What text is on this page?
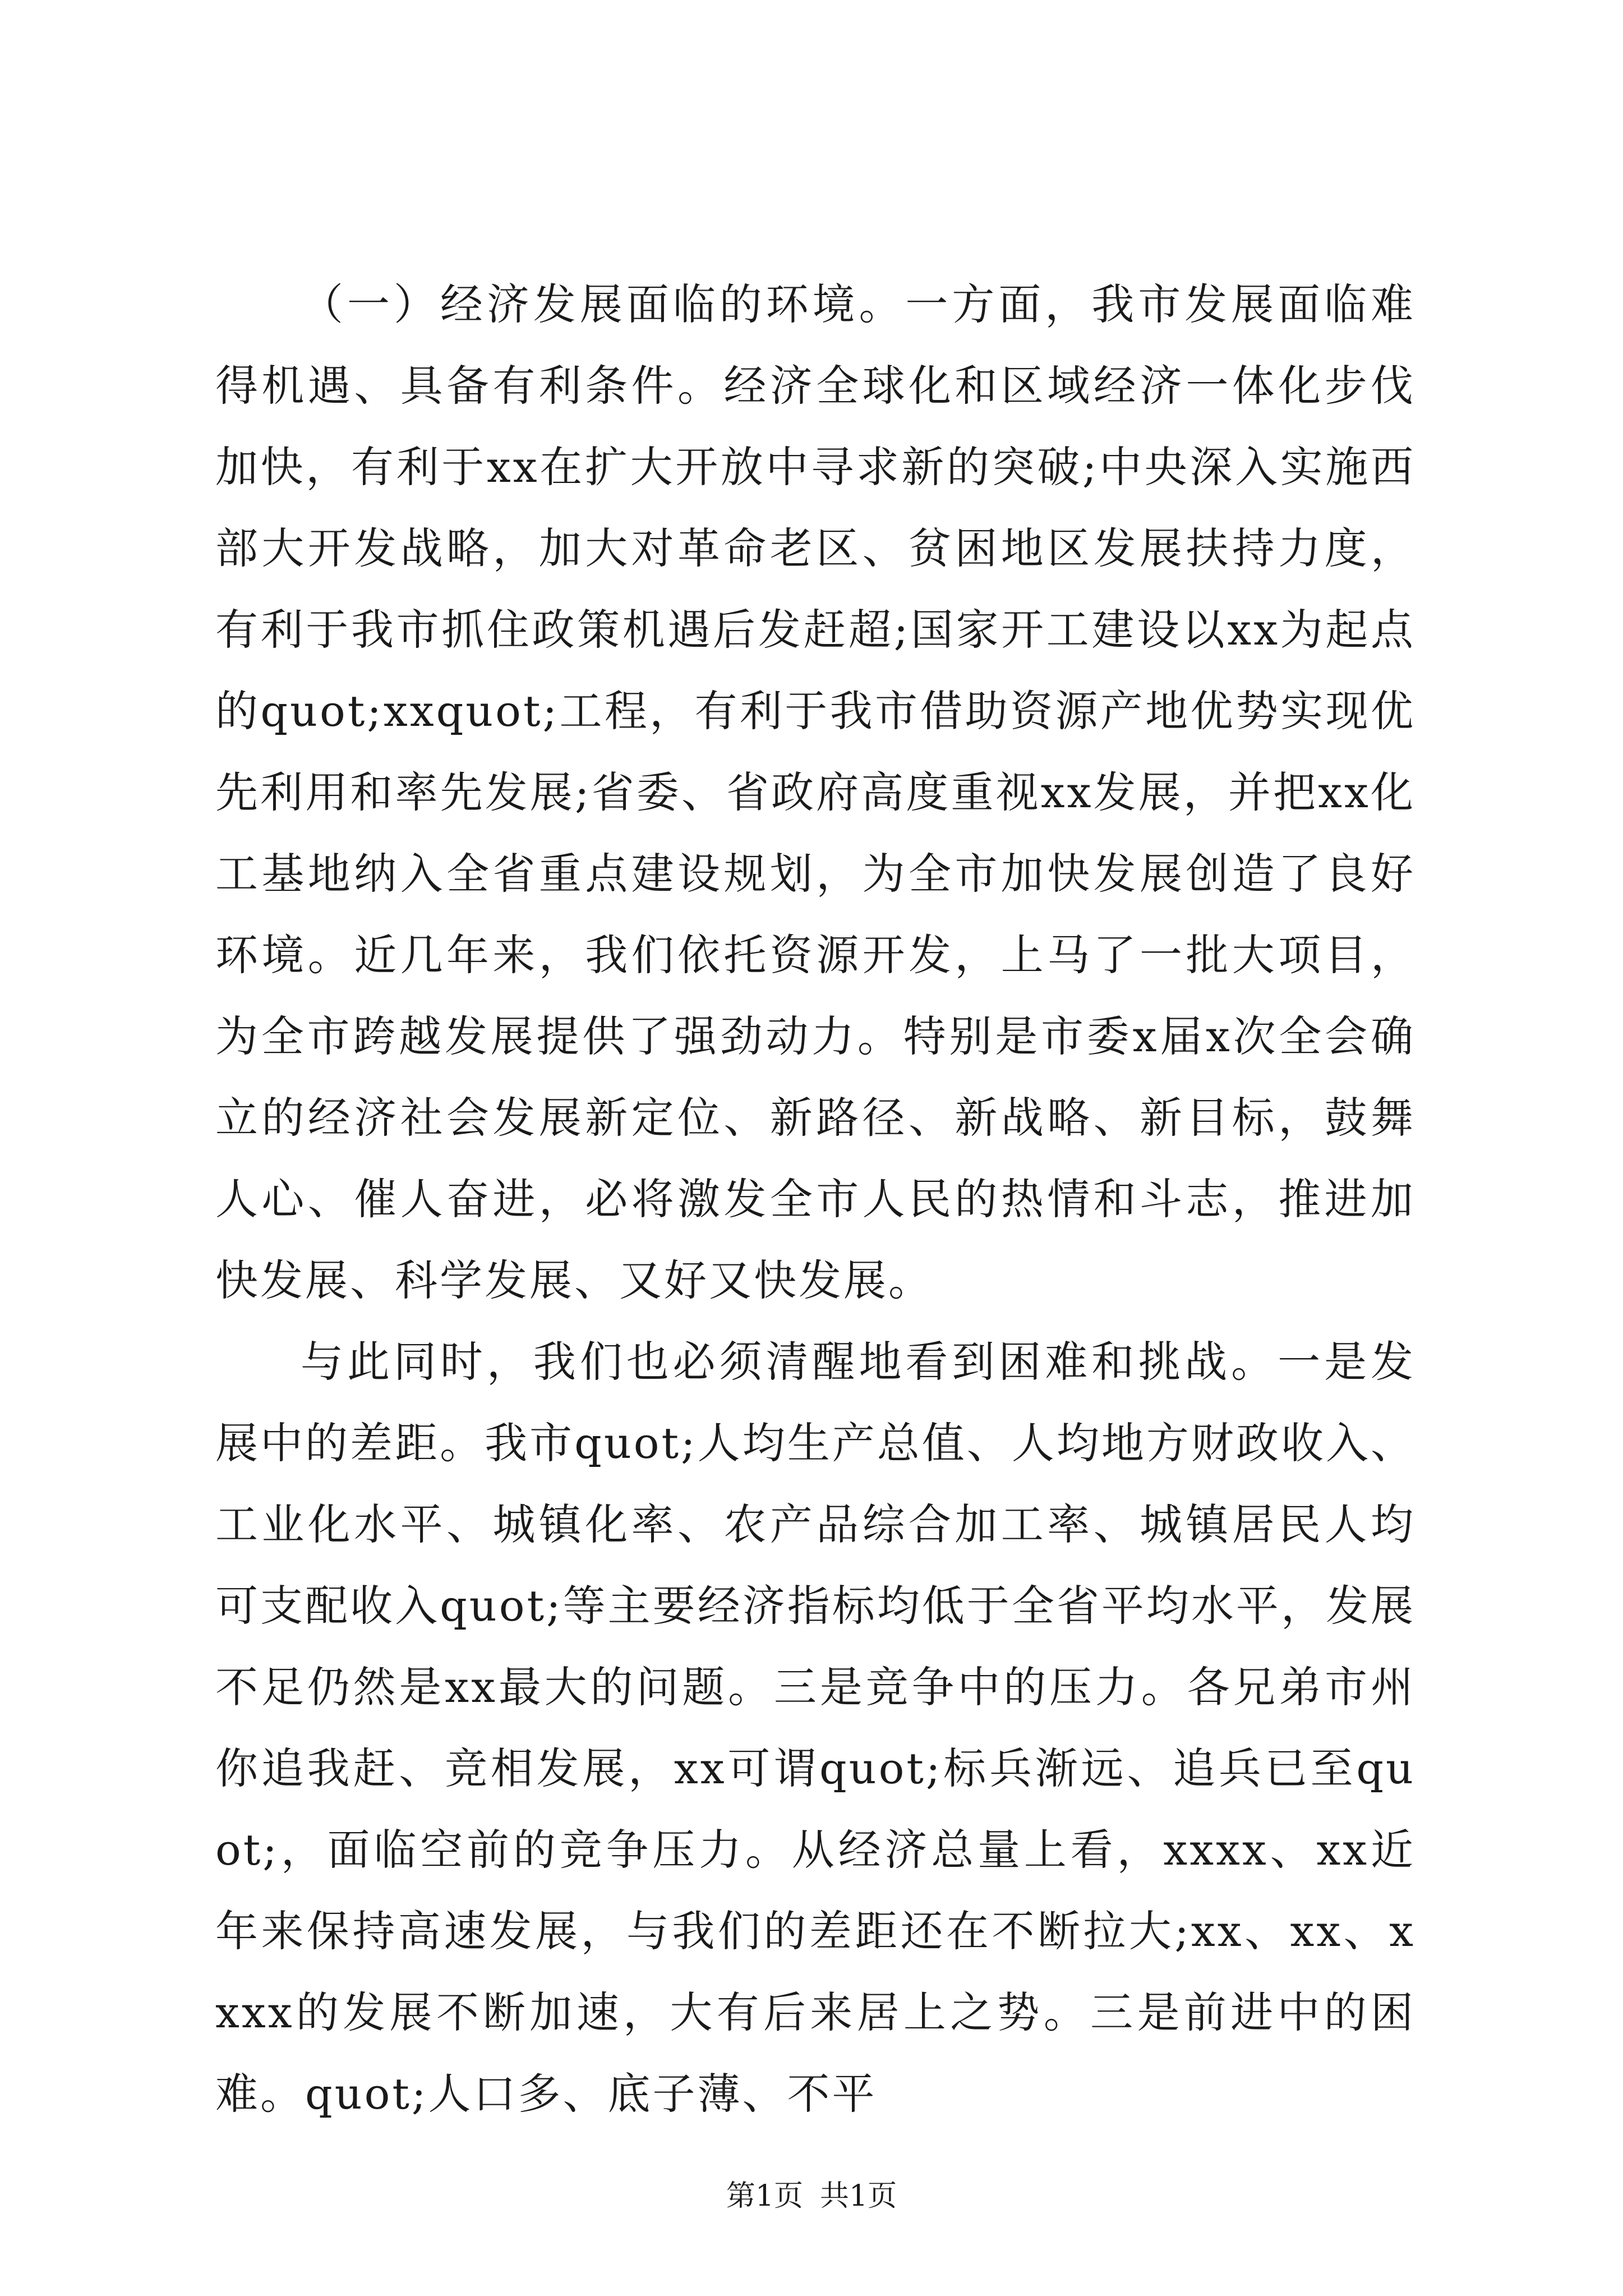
（一）经济发展面临的环境。一方面，我市发展面临难得机遇、具备有利条件。经济全球化和区域经济一体化步伐加快，有利于xx在扩大开放中寻求新的突破;中央深入实施西部大开发战略，加大对革命老区、贫困地区发展扶持力度，有利于我市抓住政策机遇后发赶超;国家开工建设以xx为起点的quot;xxquot;工程，有利于我市借助资源产地优势实现优先利用和率先发展;省委、省政府高度重视xx发展，并把xx化工基地纳入全省重点建设规划，为全市加快发展创造了良好环境。近几年来，我们依托资源开发，上马了一批大项目，为全市跨越发展提供了强劲动力。特别是市委x届x次全会确立的经济社会发展新定位、新路径、新战略、新目标，鼓舞人心、催人奋进，必将激发全市人民的热情和斗志，推进加快发展、科学发展、又好又快发展。

与此同时，我们也必须清醒地看到困难和挑战。一是发展中的差距。我市quot;人均生产总值、人均地方财政收入、工业化水平、城镇化率、农产品综合加工率、城镇居民人均可支配收入quot;等主要经济指标均低于全省平均水平，发展不足仍然是xx最大的问题。三是竞争中的压力。各兄弟市州你追我赶、竞相发展，xx可谓quot;标兵渐远、追兵已至quot;，面临空前的竞争压力。从经济总量上看，xxxx、xx近年来保持高速发展，与我们的差距还在不断拉大;xx、xx、xxxx的发展不断加速，大有后来居上之势。三是前进中的困难。quot;人口多、底子薄、不平

第1页 共1页
